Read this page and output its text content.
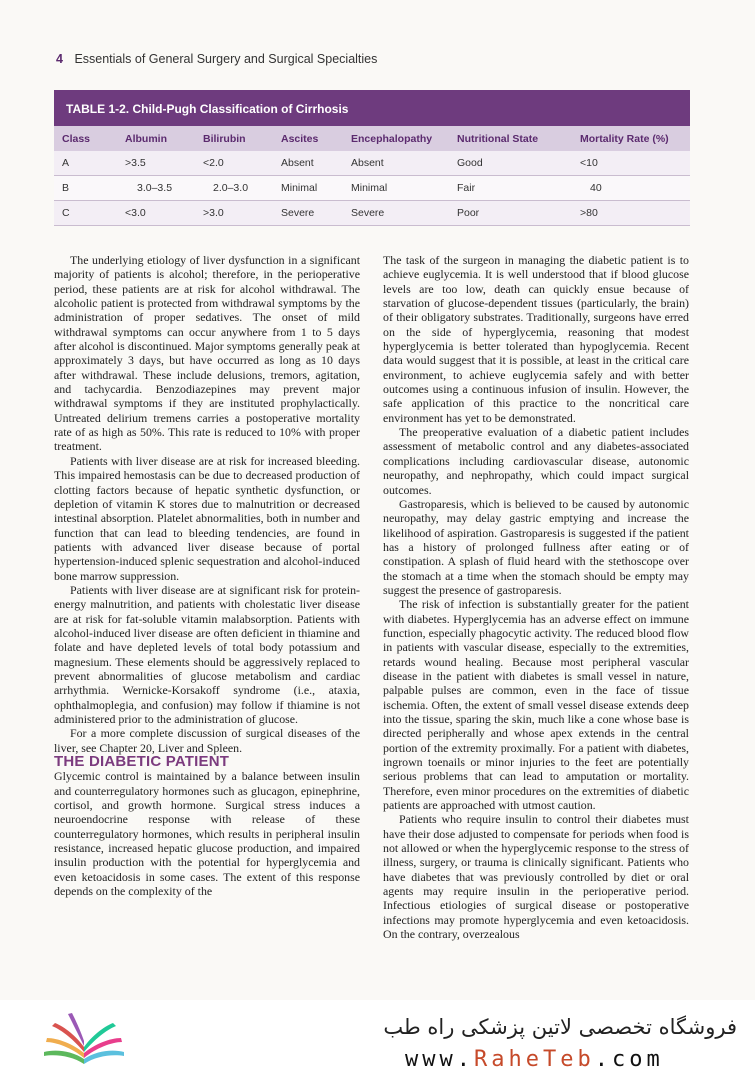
4 Essentials of General Surgery and Surgical Specialties
TABLE 1-2. Child-Pugh Classification of Cirrhosis
Class	Albumin	Bilirubin	Ascites	Encephalopathy	Nutritional State	Mortality Rate (%)
A	>3.5	<2.0	Absent	Absent	Good	<10
B	3.0–3.5	2.0–3.0	Minimal	Minimal	Fair	40
C	<3.0	>3.0	Severe	Severe	Poor	>80

The underlying etiology of liver dysfunction in a significant majority of patients is alcohol; therefore, in the perioperative period, these patients are at risk for alcohol withdrawal. The alcoholic patient is protected from withdrawal symptoms by the administration of proper sedatives. The onset of mild withdrawal symptoms can occur anywhere from 1 to 5 days after alcohol is discontinued. Major symptoms generally peak at approximately 3 days, but have occurred as long as 10 days after withdrawal. These include delusions, tremors, agitation, and tachycardia. Benzodiazepines may prevent major withdrawal symptoms if they are instituted prophylactically. Untreated delirium tremens carries a postoperative mortality rate of as high as 50%. This rate is reduced to 10% with proper treatment.

Patients with liver disease are at risk for increased bleeding. This impaired hemostasis can be due to decreased production of clotting factors because of hepatic synthetic dysfunction, or depletion of vitamin K stores due to malnutrition or decreased intestinal absorption. Platelet abnormalities, both in number and function that can lead to bleeding tendencies, are found in patients with advanced liver disease because of portal hypertension-induced splenic sequestration and alcohol-induced bone marrow suppression.

Patients with liver disease are at significant risk for protein-energy malnutrition, and patients with cholestatic liver disease are at risk for fat-soluble vitamin malabsorption. Patients with alcohol-induced liver disease are often deficient in thiamine and folate and have depleted levels of total body potassium and magnesium. These elements should be aggressively replaced to prevent abnormalities of glucose metabolism and cardiac arrhythmia. Wernicke-Korsakoff syndrome (i.e., ataxia, ophthalmoplegia, and confusion) may follow if thiamine is not administered prior to the administration of glucose.

For a more complete discussion of surgical diseases of the liver, see Chapter 20, Liver and Spleen.

THE DIABETIC PATIENT

Glycemic control is maintained by a balance between insulin and counterregulatory hormones such as glucagon, epinephrine, cortisol, and growth hormone. Surgical stress induces a neuroendocrine response with release of these counterregulatory hormones, which results in peripheral insulin resistance, increased hepatic glucose production, and impaired insulin production with the potential for hyperglycemia and even ketoacidosis in some cases. The extent of this response depends on the complexity of the

The task of the surgeon in managing the diabetic patient is to achieve euglycemia. It is well understood that if blood glucose levels are too low, death can quickly ensue because of starvation of glucose-dependent tissues (particularly, the brain) of their obligatory substrates. Traditionally, surgeons have erred on the side of hyperglycemia, reasoning that modest hyperglycemia is better tolerated than hypoglycemia. Recent data would suggest that it is possible, at least in the critical care environment, to achieve euglycemia safely and with better outcomes using a continuous infusion of insulin. However, the safe application of this practice to the noncritical care environment has yet to be demonstrated.

The preoperative evaluation of a diabetic patient includes assessment of metabolic control and any diabetes-associated complications including cardiovascular disease, autonomic neuropathy, and nephropathy, which could impact surgical outcomes.

Gastroparesis, which is believed to be caused by autonomic neuropathy, may delay gastric emptying and increase the likelihood of aspiration. Gastroparesis is suggested if the patient has a history of prolonged fullness after eating or of constipation. A splash of fluid heard with the stethoscope over the stomach at a time when the stomach should be empty may suggest the presence of gastroparesis.

The risk of infection is substantially greater for the patient with diabetes. Hyperglycemia has an adverse effect on immune function, especially phagocytic activity. The reduced blood flow in patients with vascular disease, especially to the extremities, retards wound healing. Because most peripheral vascular disease in the patient with diabetes is small vessel in nature, palpable pulses are common, even in the face of tissue ischemia. Often, the extent of small vessel disease extends deep into the tissue, sparing the skin, much like a cone whose base is directed peripherally and whose apex extends in the central portion of the extremity proximally. For a patient with diabetes, ingrown toenails or minor injuries to the feet are potentially serious problems that can lead to amputation or mortality. Therefore, even minor procedures on the extremities of diabetic patients are approached with utmost caution.

Patients who require insulin to control their diabetes must have their dose adjusted to compensate for periods when food is not allowed or when the hyperglycemic response to the stress of illness, surgery, or trauma is clinically significant. Patients who have diabetes that was previously controlled by diet or oral agents may require insulin in the perioperative period. Infectious etiologies of surgical disease or postoperative infections may promote hyperglycemia and even ketoacidosis. On the contrary, overzealous

فروشگاه تخصصی لاتین پزشکی راه طب
www.RaheTeb.com
